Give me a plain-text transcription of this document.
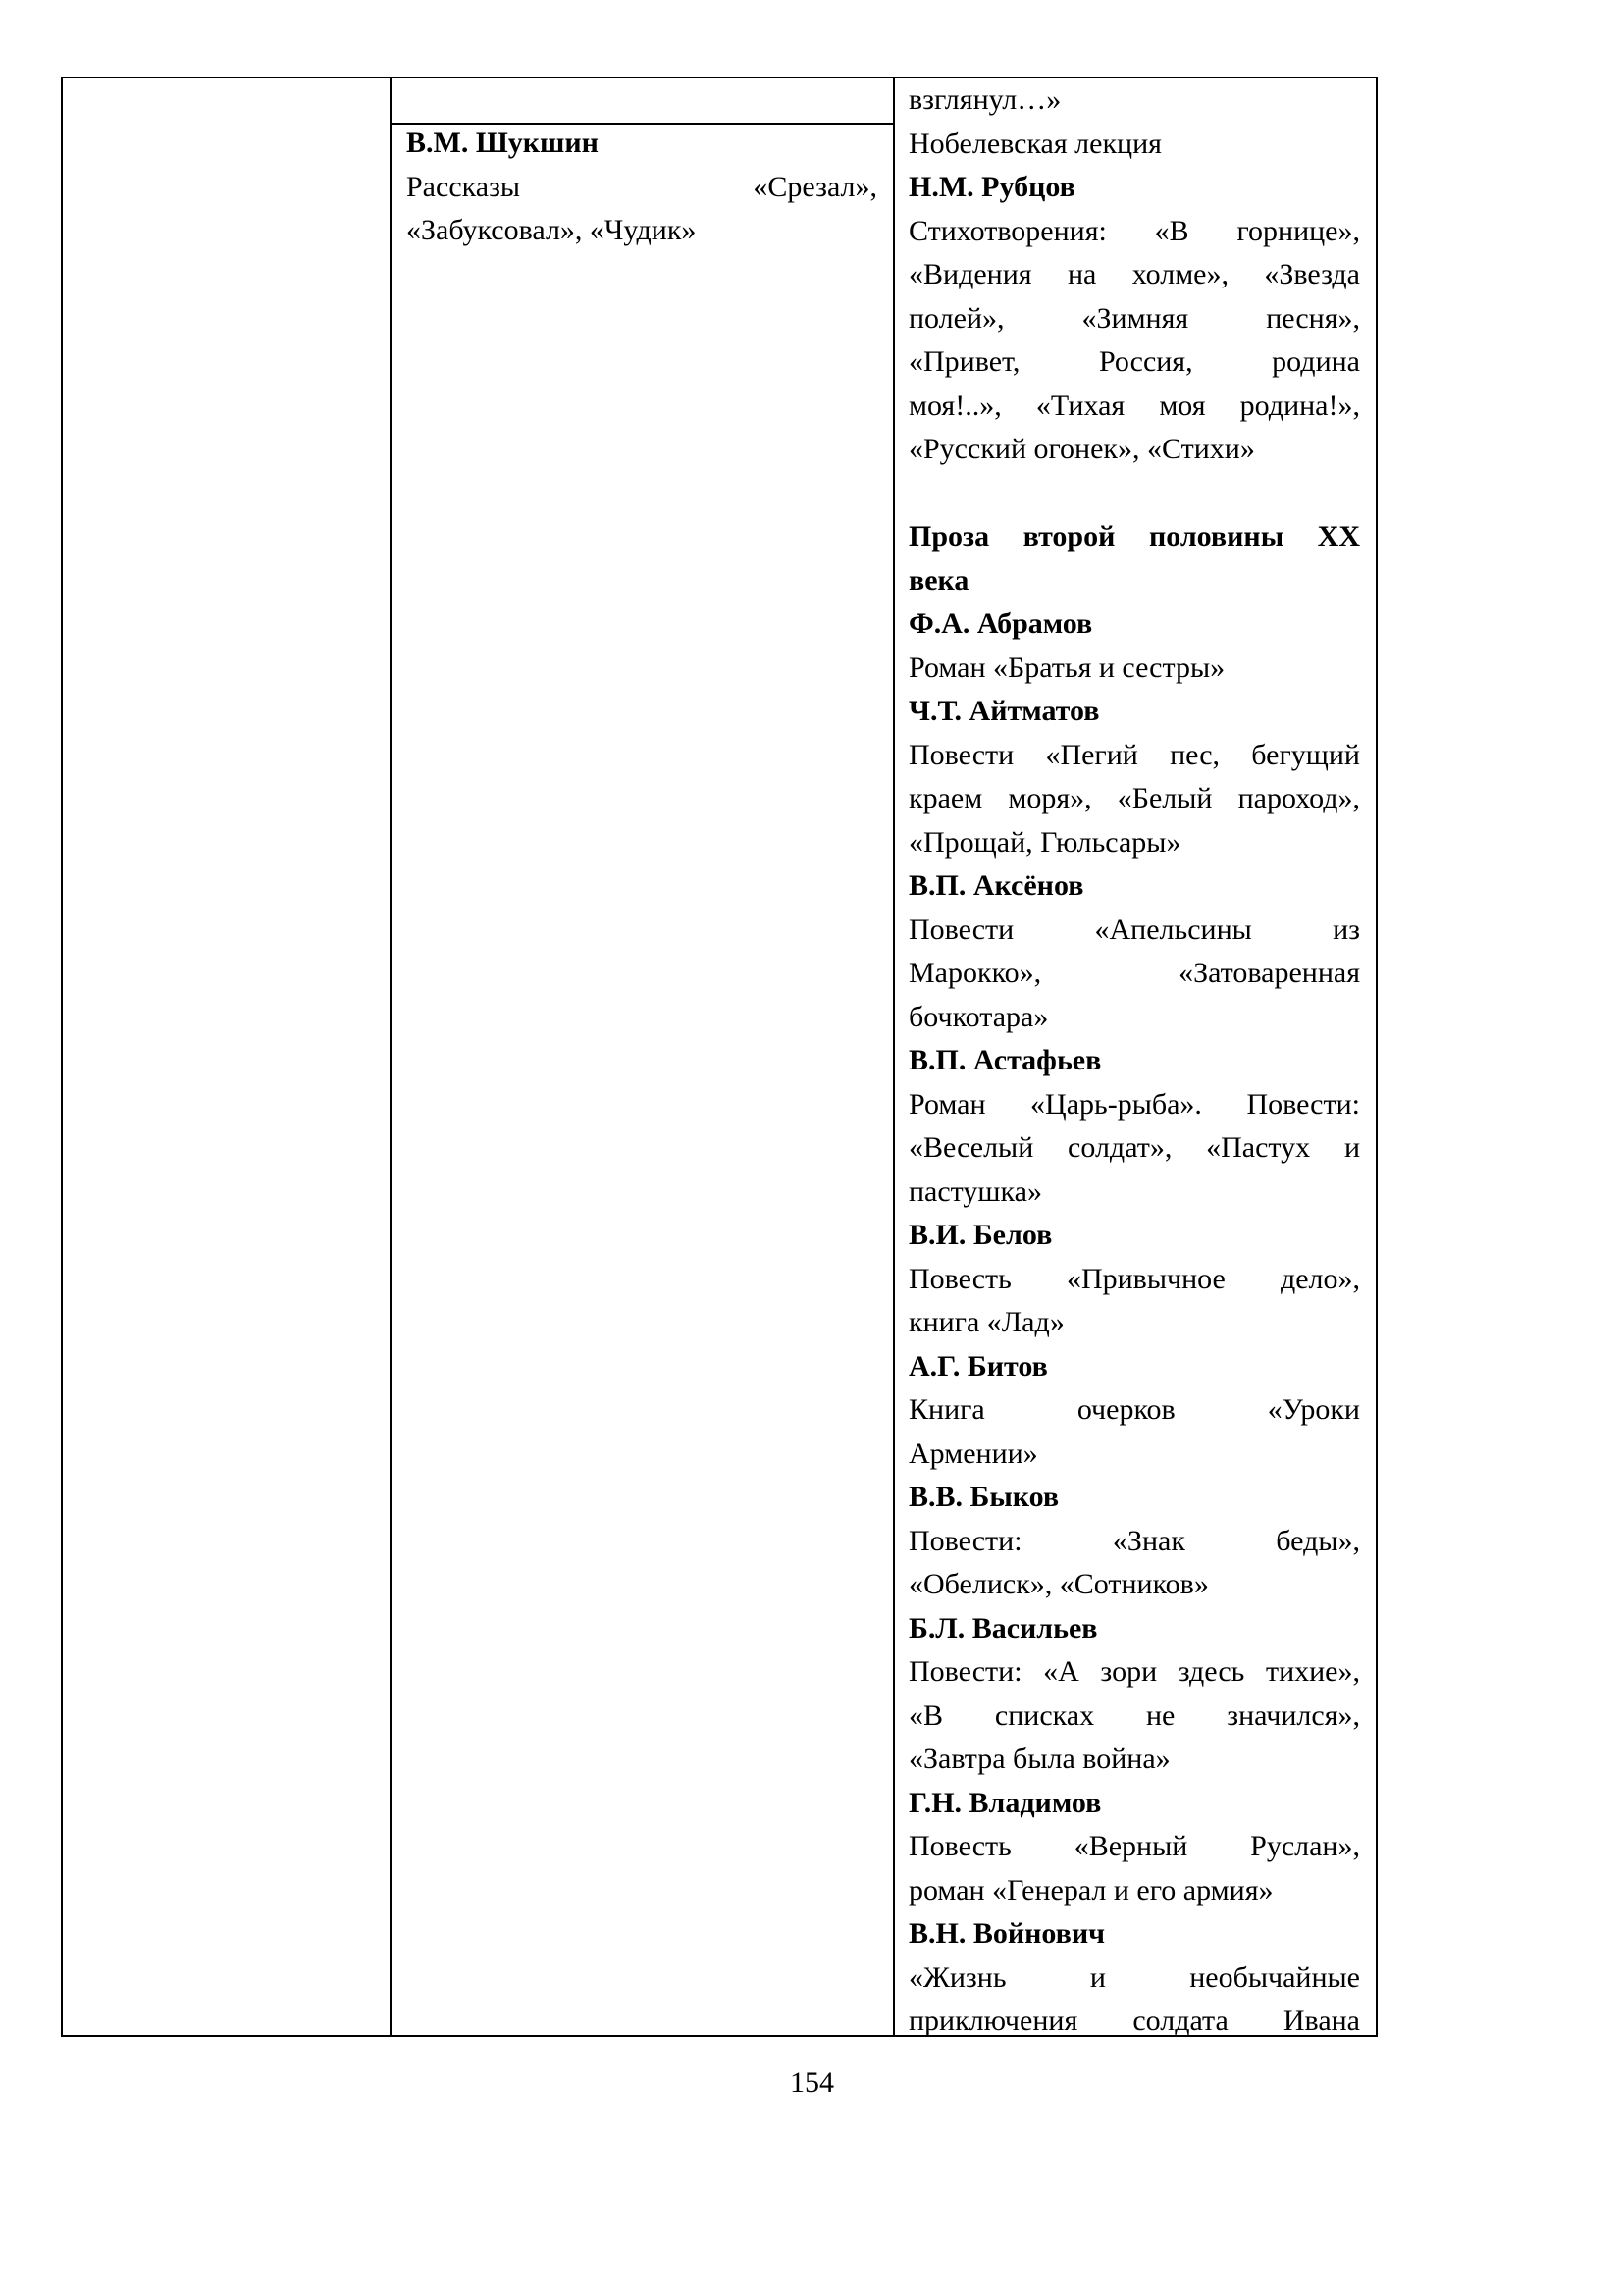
В.М. Шукшин
Рассказы «Срезал»,
«Забуксовал», «Чудик»
взглянул…»
Нобелевская лекция
Н.М. Рубцов
Стихотворения: «В горнице»,
«Видения на холме», «Звезда
полей», «Зимняя песня»,
«Привет, Россия, родина
моя!..», «Тихая моя родина!»,
«Русский огонек», «Стихи»
Проза второй половины XX
века
Ф.А. Абрамов
Роман «Братья и сестры»
Ч.Т. Айтматов
Повести «Пегий пес, бегущий
краем моря», «Белый пароход»,
«Прощай, Гюльсары»
В.П. Аксёнов
Повести «Апельсины из
Марокко», «Затоваренная
бочкотара»
В.П. Астафьев
Роман «Царь-рыба». Повести:
«Веселый солдат», «Пастух и
пастушка»
В.И. Белов
Повесть «Привычное дело»,
книга «Лад»
А.Г. Битов
Книга очерков «Уроки
Армении»
В.В. Быков
Повести: «Знак беды»,
«Обелиск», «Сотников»
Б.Л. Васильев
Повести: «А зори здесь тихие»,
«В списках не значился»,
«Завтра была война»
Г.Н. Владимов
Повесть «Верный Руслан»,
роман «Генерал и его армия»
В.Н. Войнович
«Жизнь и необычайные
приключения солдата Ивана
154
